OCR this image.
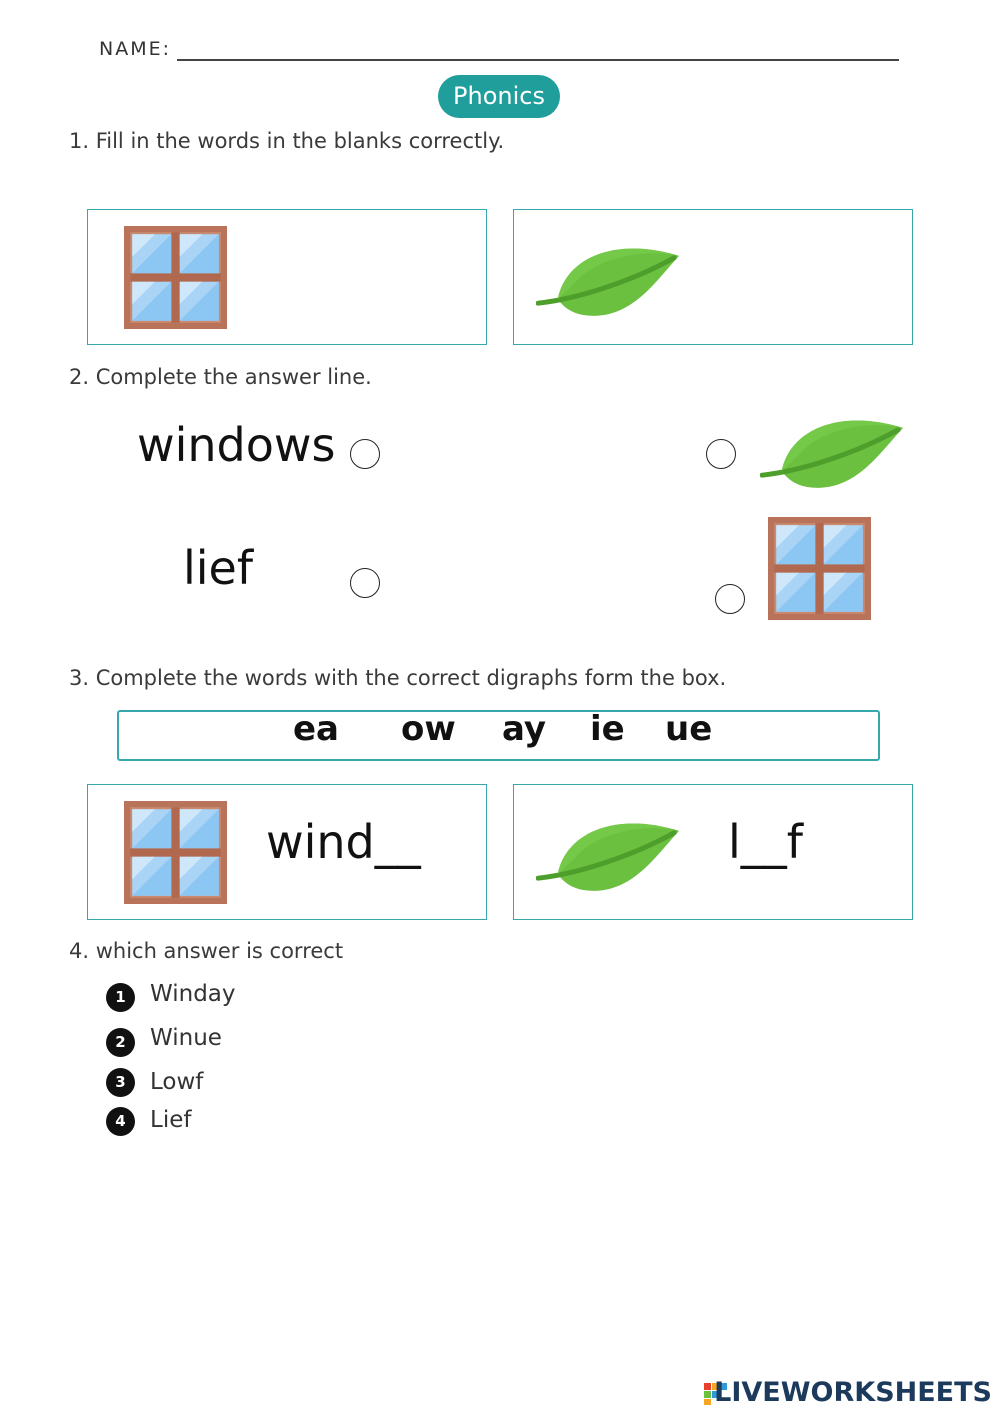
NAME:
Phonics
1. Fill in the words in the blanks correctly.
2. Complete the answer line.
windows
lief
3. Complete the words with the correct digraphs form the box.
ea ow ay ie ue
wind__	l__f
4. which answer is correct
1	Winday
2	Winue
3	Lowf
4	Lief
LIVEWORKSHEETS
